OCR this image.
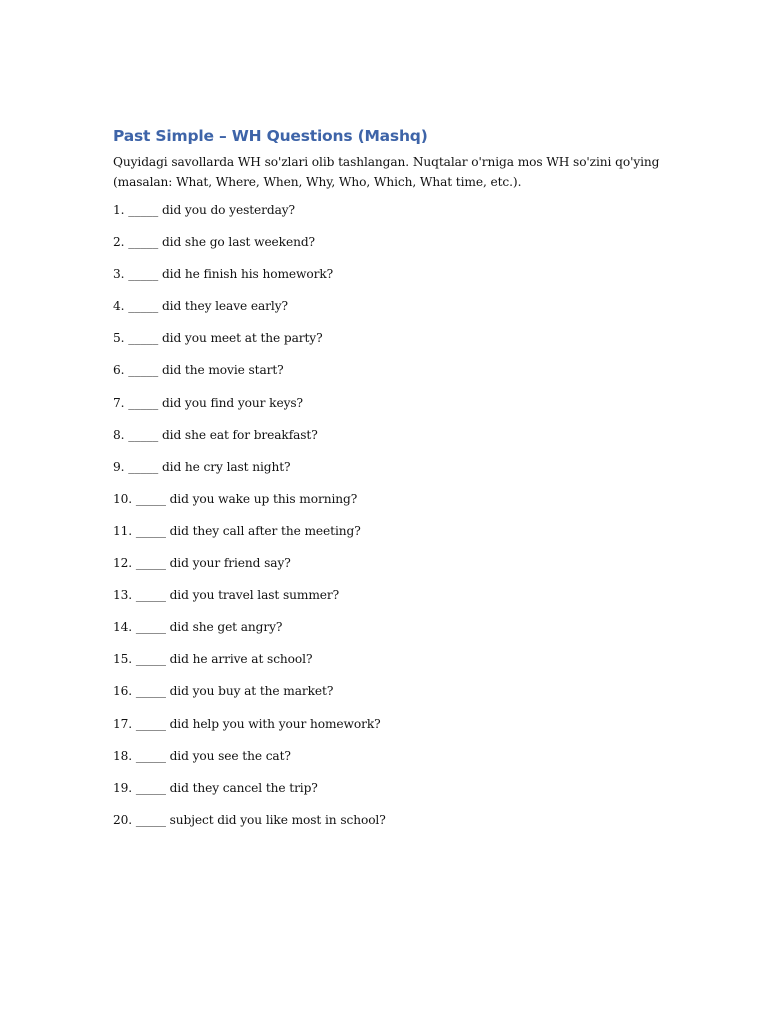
Past Simple – WH Questions (Mashq)

Quyidagi savollarda WH so'zlari olib tashlangan. Nuqtalar o'rniga mos WH so'zini qo'ying
(masalan: What, Where, When, Why, Who, Which, What time, etc.).

1. _____ did you do yesterday?
2. _____ did she go last weekend?
3. _____ did he finish his homework?
4. _____ did they leave early?
5. _____ did you meet at the party?
6. _____ did the movie start?
7. _____ did you find your keys?
8. _____ did she eat for breakfast?
9. _____ did he cry last night?
10. _____ did you wake up this morning?
11. _____ did they call after the meeting?
12. _____ did your friend say?
13. _____ did you travel last summer?
14. _____ did she get angry?
15. _____ did he arrive at school?
16. _____ did you buy at the market?
17. _____ did help you with your homework?
18. _____ did you see the cat?
19. _____ did they cancel the trip?
20. _____ subject did you like most in school?
